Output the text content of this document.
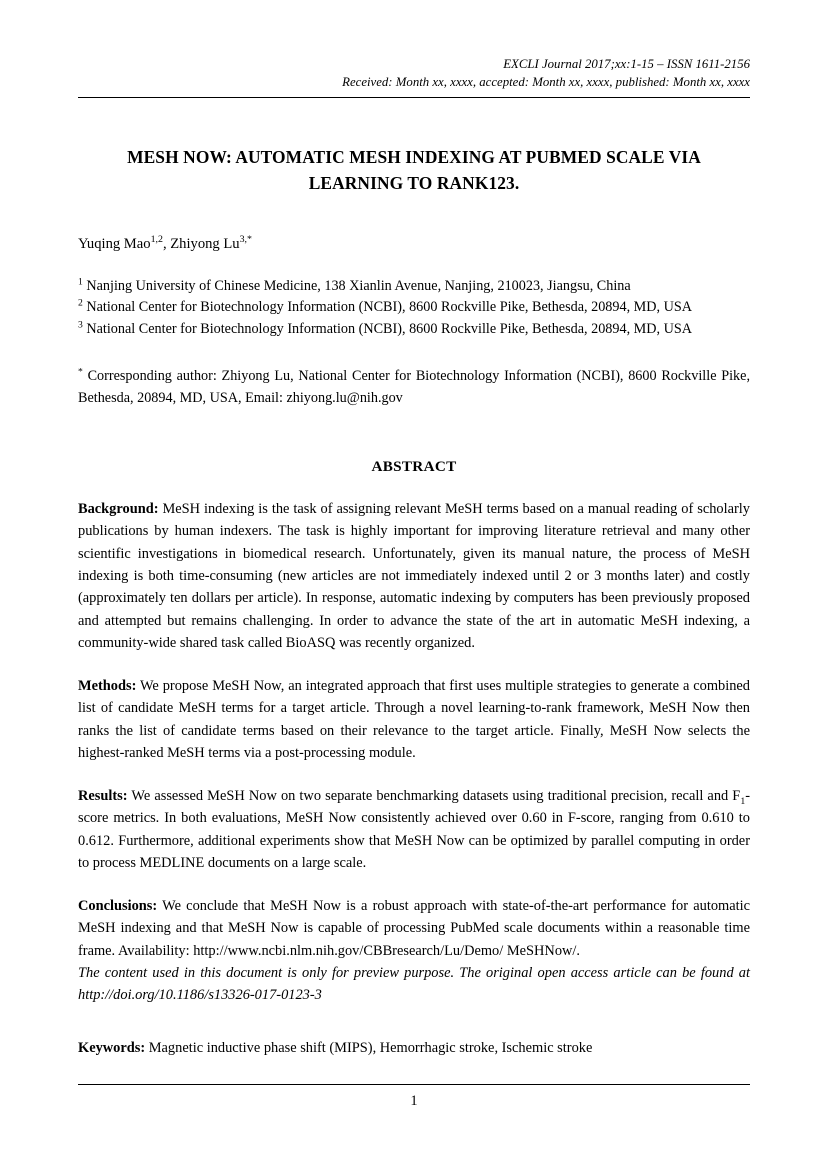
EXCLI Journal 2017;xx:1-15 – ISSN 1611-2156
Received: Month xx, xxxx, accepted: Month xx, xxxx, published: Month xx, xxxx
MESH NOW: AUTOMATIC MESH INDEXING AT PUBMED SCALE VIA LEARNING TO RANK123.
Yuqing Mao$^{1,2}$, Zhiyong $Lu^{3,*}$

$^1$ Nanjing University of Chinese Medicine, 138 Xianlin Avenue, Nanjing, 210023, Jiangsu, China

$^2$ National Center for Biotechnology Information (NCBI), 8600 Rockville Pike, Bethesda, 20894, MD, USA

$^3$ National Center for Biotechnology Information (NCBI), 8600 Rockville Pike, Bethesda, 20894, MD, USA

* Corresponding author: Zhiyong Lu, National Center for Biotechnology Information (NCBI), 8600 Rockville Pike, Bethesda, 20894, MD, USA, Email: zhiyong.lu@nih.gov
ABSTRACT

Background: MeSH indexing is the task of assigning relevant MeSH terms based on a manual reading of scholarly publications by human indexers. The task is highly important for improving literature retrieval and many other scientific investigations in biomedical research. Unfortunately, given its manual nature, the process of MeSH indexing is both time-consuming (new articles are not immediately indexed until 2 or 3 months later) and costly (approximately ten dollars per article). In response, automatic indexing by computers has been previously proposed and attempted but remains challenging. In order to advance the state of the art in automatic MeSH indexing, a community-wide shared task called BioASQ was recently organized.

Methods: We propose MeSH Now, an integrated approach that first uses multiple strategies to generate a combined list of candidate MeSH terms for a target article. Through a novel learning-to-rank framework, MeSH Now then ranks the list of candidate terms based on their relevance to the target article. Finally, MeSH Now selects the highest-ranked MeSH terms via a post-processing module.

Results: We assessed MeSH Now on two separate benchmarking datasets using traditional precision, recall and $F_1$-score metrics. In both evaluations, MeSH Now consistently achieved over 0.60 in F-score, ranging from 0.610 to 0.612. Furthermore, additional experiments show that MeSH Now can be optimized by parallel computing in order to process MEDLINE documents on a large scale.

Conclusions: We conclude that MeSH Now is a robust approach with state-of-the-art performance for automatic MeSH indexing and that MeSH Now is capable of processing PubMed scale documents within a reasonable time frame. Availability: http://www.ncbi.nlm.nih.gov/CBBresearch/Lu/Demo/ MeSHNow/.
The content used in this document is only for preview purpose. The original open access article can be found at http://doi.org/10.1186/s13326-017-0123-3

Keywords: Magnetic inductive phase shift (MIPS), Hemorrhagic stroke, Ischemic stroke

1
